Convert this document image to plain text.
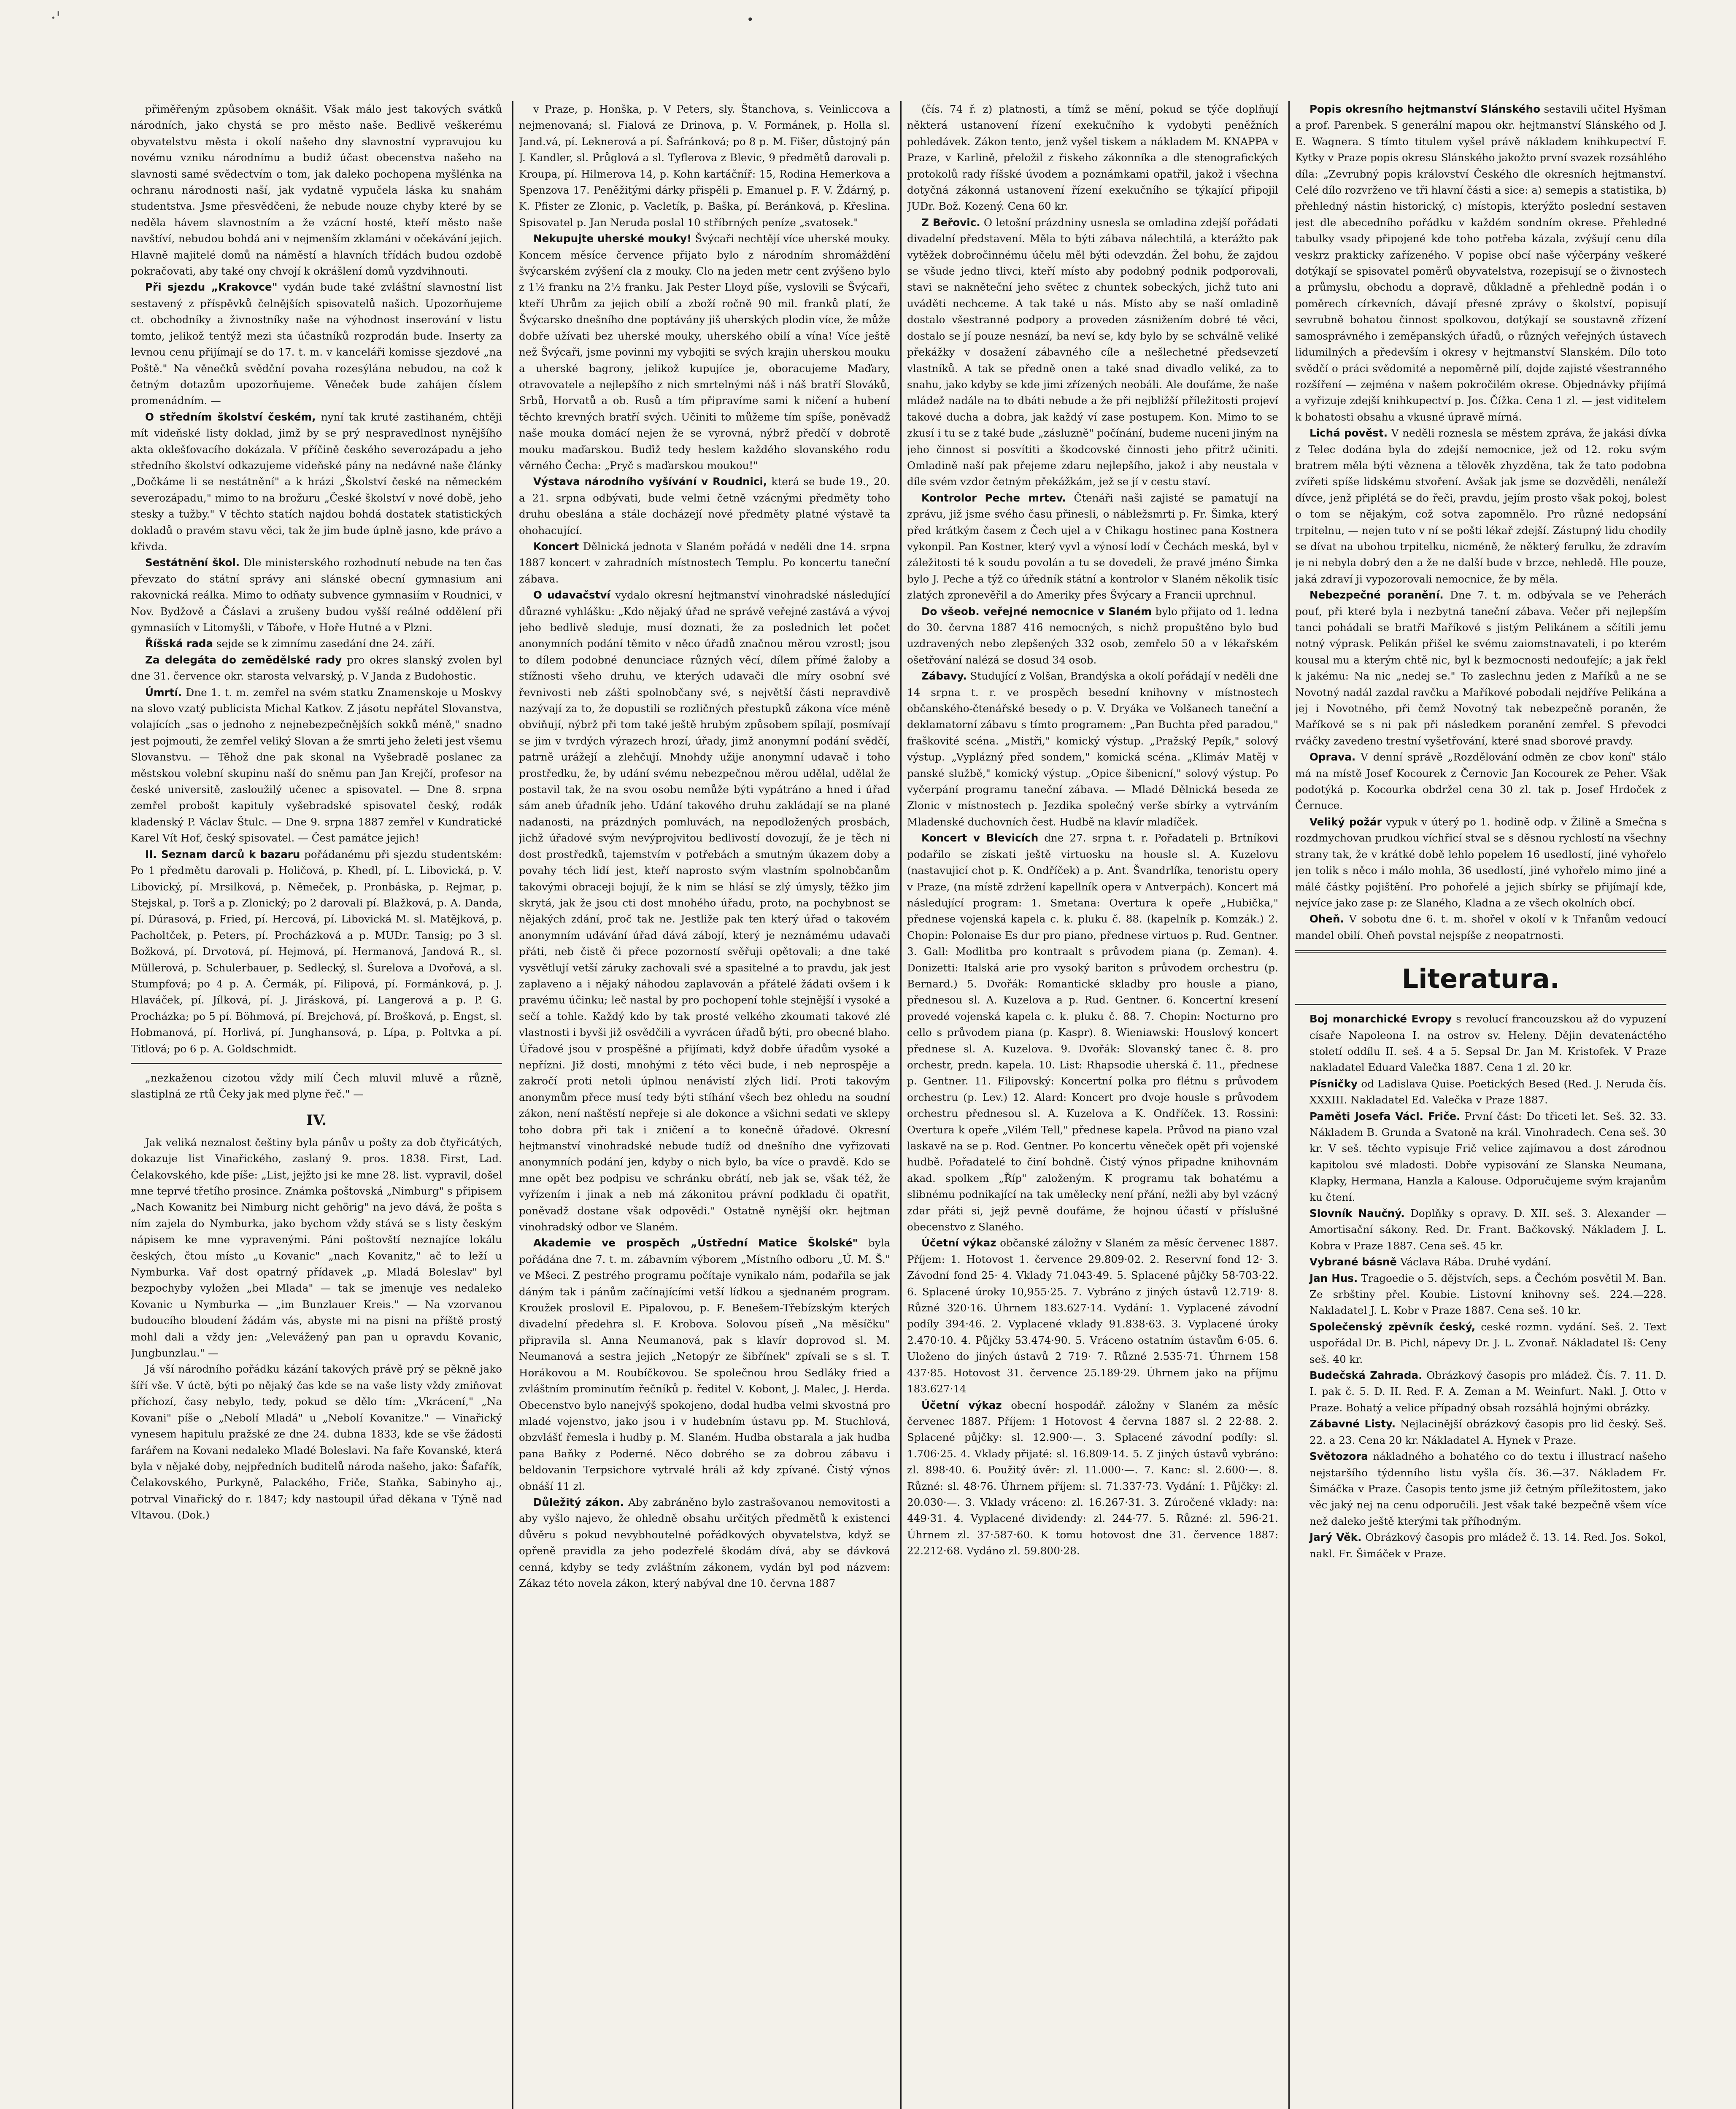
·'	•

přiměřeným způsobem oknášit. Však málo jest takových svátků národních, jako chystá se pro město naše. Bedlivě veškerému obyvatelstvu města i okolí našeho dny slavnostní vypravujou ku novému vzniku národnímu a budiž účast obecenstva našeho na slavnosti samé svědectvím o tom, jak daleko pochopena myšlénka na ochranu národnosti naší, jak vydatně vypučela láska ku snahám studentstva. Jsme přesvědčeni, že nebude nouze chyby které by se neděla hávem slavnostním a že vzácní hosté, kteří město naše navštíví, nebudou bohdá ani v nejmenším zklamáni v očekávání jejich. Hlavně majitelé domů na náměstí a hlavních třídách budou ozdobě pokračovati, aby také ony chvojí k okrášlení domů vyzdvihnouti.

Při sjezdu „Krakovce" vydán bude také zvláštní slavnostní list sestavený z příspěvků čelnějších spisovatelů našich. Upozorňujeme ct. obchodníky a živnostníky naše na výhodnost inserování v listu tomto, jelikož tentýž mezi sta účastníků rozprodán bude. Inserty za levnou cenu přijímají se do 17. t. m. v kanceláři komisse sjezdové „na Poště." Na věnečků svědční povaha rozesýlána nebudou, na což k četným dotazům upozorňujeme. Věneček bude zahájen číslem promenádním. —

O středním školství českém, nyní tak kruté zastihaném, chtěji mít videňské listy doklad, jimž by se prý nespravedlnost nynějšího akta oklešťovacího dokázala. V příčině českého severozápadu a jeho středního školství odkazujeme videňské pány na nedávné naše články „Dočkáme li se nestátnění" a k hrázi „Školství české na německém severozápadu," mimo to na brožuru „České školství v nové době, jeho stesky a tužby." V těchto statích najdou bohdá dostatek statistických dokladů o pravém stavu věci, tak že jim bude úplně jasno, kde právo a křivda.

Sestátnění škol. Dle ministerského rozhodnutí nebude na ten čas převzato do státní správy ani slánské obecní gymnasium ani rakovnická reálka. Mimo to odňaty subvence gymnasiím v Roudnici, v Nov. Bydžově a Čáslavi a zrušeny budou vyšší reálné oddělení při gymnasiích v Litomyšli, v Táboře, v Hoře Hutné a v Plzni.

Říšská rada sejde se k zimnímu zasedání dne 24. září.

Za delegáta do zemědělské rady pro okres slanský zvolen byl dne 31. července okr. starosta velvarský, p. V Janda z Budohostic.

Úmrtí. Dne 1. t. m. zemřel na svém statku Znamenskoje u Moskvy na slovo vzatý publicista Michal Katkov. Z jásotu nepřátel Slovanstva, volajících „sas o jednoho z nejnebezpečnějších sokků méně," snadno jest pojmouti, že zemřel veliký Slovan a že smrti jeho želeti jest všemu Slovanstvu. — Těhož dne pak skonal na Vyšebradě poslanec za městskou volební skupinu naší do sněmu pan Jan Krejčí, profesor na české universitě, zasloužilý učenec a spisovatel. — Dne 8. srpna zemřel probošt kapituly vyšebradské spisovatel český, rodák kladenský P. Václav Štulc. — Dne 9. srpna 1887 zemřel v Kundratické Karel Vít Hof, český spisovatel. — Čest památce jejich!

II. Seznam darců k bazaru pořádanému při sjezdu studentském: Po 1 předmětu darovali p. Holičová, p. Khedl, pí. L. Libovická, p. V. Libovický, pí. Mrsilková, p. Němeček, p. Pronbáska, p. Rejmar, p. Stejskal, p. Torš a p. Zlonický; po 2 darovali pí. Blažková, p. A. Danda, pí. Dúrasová, p. Fried, pí. Hercová, pí. Libovická M. sl. Matějková, p. Pacholtček, p. Peters, pí. Procházková a p. MUDr. Tansig; po 3 sl. Božková, pí. Drvotová, pí. Hejmová, pí. Hermanová, Jandová R., sl. Müllerová, p. Schulerbauer, p. Sedlecký, sl. Šurelova a Dvořová, a sl. Stumpfová; po 4 p. A. Čermák, pí. Filipová, pí. Formánková, p. J. Hlaváček, pí. Jílková, pí. J. Jirásková, pí. Langerová a p. P. G. Procházka; po 5 pí. Böhmová, pí. Brejchová, pí. Brošková, p. Engst, sl. Hobmanová, pí. Horlivá, pí. Junghansová, p. Lípa, p. Poltvka a pí. Titlová; po 6 p. A. Goldschmidt.

„nezkaženou cizotou vždy milí Čech mluvil mluvě a různě, slastiplná ze rtů Čeky jak med plyne řeč." —

IV.

Jak veliká neznalost češtiny byla pánův u pošty za dob čtyřicátých, dokazuje list Vinařického, zaslaný 9. pros. 1838. First, Lad. Čelakovského, kde píše: „List, jejžto jsi ke mne 28. list. vypravil, došel mne teprvé třetího prosince. Známka poštovská „Nimburg" s připisem „Nach Kowanitz bei Nimburg nicht gehörig" na jevo dává, že pošta s ním zajela do Nymburka, jako bychom vždy stává se s listy českým nápisem ke mne vypravenými. Páni poštovští neznajíce lokálu českých, čtou místo „u Kovanic" „nach Kovanitz," ač to leží u Nymburka. Vař dost opatrný přídavek „p. Mladá Boleslav" byl bezpochyby vyložen „bei Mlada" — tak se jmenuje ves nedaleko Kovanic u Nymburka — „im Bunzlauer Kreis." — Na vzorvanou budoucího bloudení žádám vás, abyste mi na pisni na příště prostý mohl dali a vždy jen: „Velevážený pan pan u opravdu Kovanic, Jungbunzlau." —

Já vší národního pořádku kázání takových právě prý se pěkně jako šíří vše. V úctě, býti po nějaký čas kde se na vaše listy vždy zmiňovat příchozí, časy nebylo, tedy, pokud se dělo tím: „Vkrácení," „Na Kovani" píše o „Nebolí Mladá" u „Nebolí Kovanitze." — Vinařický vynesem hapitulu pražské ze dne 24. dubna 1833, kde se vše žádosti farářem na Kovani nedaleko Mladé Boleslavi. Na faře Kovanské, která byla v nějaké doby, nejpředních buditelů národa našeho, jako: Šafařík, Čelakovského, Purkyně, Palackého, Friče, Staňka, Sabinyho aj., potrval Vinařický do r. 1847; kdy nastoupil úřad děkana v Týně nad Vltavou. (Dok.)

v Praze, p. Honška, p. V Peters, sly. Štanchova, s. Veinliccova a nejmenovaná; sl. Fialová ze Drinova, p. V. Formánek, p. Holla sl. Jand.vá, pí. Leknerová a pí. Šafránková; po 8 p. M. Fišer, důstojný pán J. Kandler, sl. Průglová a sl. Tyflerova z Blevic, 9 předmětů darovali p. Kroupa, pí. Hilmerova 14, p. Kohn kartáčníř: 15, Rodina Hemerkova a Spenzova 17. Peněžitými dárky přispěli p. Emanuel p. F. V. Ždárný, p. K. Pfister ze Zlonic, p. Vacletík, p. Baška, pí. Beránková, p. Křeslina. Spisovatel p. Jan Neruda poslal 10 stříbrných peníze „svatosek."

Nekupujte uherské mouky! Švýcaři nechtějí více uherské mouky. Koncem měsíce července přijato bylo z národním shromáždění švýcarském zvýšení cla z mouky. Clo na jeden metr cent zvýšeno bylo z 1½ franku na 2½ franku. Jak Pester Lloyd píše, vyslovili se Švýcaři, kteří Uhrům za jejich obilí a zboží ročně 90 mil. franků platí, že Švýcarsko dnešního dne poptávány jiš uherských plodin více, že může dobře užívati bez uherské mouky, uherského obilí a vína! Více ještě než Švýcaři, jsme povinni my vybojiti se svých krajin uherskou mouku a uherské bagrony, jelikož kupujíce je, oboracujeme Maďary, otravovatele a nejlepšího z nich smrtelnými náš i náš bratří Slováků, Srbů, Horvatů a ob. Rusů a tím připravíme sami k ničení a hubení těchto krevných bratří svých. Učiniti to můžeme tím spíše, poněvadž naše mouka domácí nejen že se vyrovná, nýbrž předčí v dobrotě mouku maďarskou. Buďiž tedy heslem každého slovanského rodu věrného Čecha: „Pryč s maďarskou moukou!"

Výstava národního vyšívání v Roudnici, která se bude 19., 20. a 21. srpna odbývati, bude velmi četně vzácnými předměty toho druhu obeslána a stále docházejí nové předměty platné výstavě ta ohohacující.

Koncert Dělnická jednota v Slaném pořádá v neděli dne 14. srpna 1887 koncert v zahradních místnostech Templu. Po koncertu taneční zábava.

O udavačství vydalo okresní hejtmanství vinohradské následující důrazné vyhlášku: „Kdo nějaký úřad ne správě veřejné zastává a vývoj jeho bedlivě sleduje, musí doznati, že za poslednich let počet anonymních podání těmito v něco úřadů značnou měrou vzrostl; jsou to dílem podobné denunciace různých věcí, dílem přímé žaloby a stížnosti všeho druhu, ve kterých udavači dle míry osobní své řevnivosti neb zášti spolnobčany své, s největší části nepravdivě nazývají za to, že dopustili se rozličných přestupků zákona více méně obviňují, nýbrž při tom také ještě hrubým způsobem spílají, posmívají se jim v tvrdých výrazech hrozí, úřady, jimž anonymní podání svědčí, patrně urážejí a zlehčují. Mnohdy užije anonymní udavač i toho prostředku, že, by udání svému nebezpečnou měrou udělal, udělal že postavil tak, že na svou osobu nemůže býti vypátráno a hned i úřad sám aneb úřadník jeho. Udání takového druhu zakládají se na plané nadanosti, na prázdných pomluvách, na nepodložených prosbách, jichž úřadové svým nevýprojvitou bedlivostí dovozují, že je těch ni dost prostředků, tajemstvím v potřebách a smutným úkazem doby a povahy téch lidí jest, kteří naprosto svým vlastním spolnobčanům takovými obraceji bojují, že k nim se hlásí se zlý úmysly, těžko jim skrytá, jak že jsou cti dost mnohého úřadu, proto, na pochybnost se nějakých zdání, proč tak ne. Jestliže pak ten který úřad o takovém anonymním udávání úřad dává zábojí, který je neznámému udavači přáti, neb čistě či přece pozorností svěřuji opětovali; a dne také vysvětlují vetší záruky zachovali své a spasitelné a to pravdu, jak jest zaplaveno a i nějaký náhodou zaplavován a přátelé žádati ovšem i k pravému účinku; leč nastal by pro pochopení tohle stejnější i vysoké a sečí a tohle. Každý kdo by tak prosté velkého zkoumati takové zlé vlastnosti i byvši již osvědčili a vyvrácen úřadů býti, pro obecné blaho. Úřadové jsou v prospěšné a přijímati, když dobře úřadům vysoké a nepřízni. Již dosti, mnohými z této věci bude, i neb neprospěje a zakročí proti netoli úplnou nenávistí zlých lidí. Proti takovým anonymům přece musí tedy býti stíhání všech bez ohledu na soudní zákon, není naštěstí nepřeje si ale dokonce a všichni sedati ve sklepy toho dobra při tak i zničení a to konečně úřadové. Okresní hejtmanství vinohradské nebude tudíž od dnešního dne vyřizovati anonymních podání jen, kdyby o nich bylo, ba více o pravdě. Kdo se mne opět bez podpisu ve schránku obrátí, neb jak se, však též, že vyřízením i jinak a neb má zákonitou právní podkladu či opatřit, poněvadž dostane však odpovědi." Ostatně nynější okr. hejtman vinohradský odbor ve Slaném.

Akademie ve prospěch „Ústřední Matice Školské" byla pořádána dne 7. t. m. zábavním výborem „Místního odboru „Ú. M. Š." ve Mšeci. Z pestrého programu počítaje vynikalo nám, podařila se jak dáným tak i pánům začínajícími vetší lídkou a sjednaném program. Kroužek proslovil E. Pipalovou, p. F. Benešem-Třebízským kterých divadelní předehra sl. F. Krobova. Solovou píseň „Na měsíčku" připravila sl. Anna Neumanová, pak s klavír doprovod sl. M. Neumanová a sestra jejich „Netopýr ze šibřínek" zpívali se s sl. T. Horákovou a M. Roubíčkovou. Se společnou hrou Sedláky fried a zvláštním prominutím řečníků p. ředitel V. Kobont, J. Malec, J. Herda. Obecenstvo bylo nanejvýš spokojeno, dodal hudba velmi skvostná pro mladé vojenstvo, jako jsou i v hudebním ústavu pp. M. Stuchlová, obzvlášť řemesla i hudby p. M. Slaném. Hudba obstarala a jak hudba pana Baňky z Poderné. Něco dobrého se za dobrou zábavu i beldovanin Terpsichore vytrvalé hráli až kdy zpívané. Čistý výnos obnáší 11 zl.

Důležitý zákon. Aby zabráněno bylo zastrašovanou nemovitosti a aby vyšlo najevo, že ohledně obsahu určitých předmětů k existenci důvěru s pokud nevybhoutelné pořádkových obyvatelstva, když se opřeně pravidla za jeho podezřelé škodám dívá, aby se dávková cenná, kdyby se tedy zvláštním zákonem, vydán byl pod názvem: Zákaz této novela zákon, který nabýval dne 10. června 1887

(čís. 74 ř. z) platnosti, a tímž se mění, pokud se týče doplňují některá ustanovení řízení exekučního k vydobyti peněžních pohledávek. Zákon tento, jenž vyšel tiskem a nákladem M. KNAPPA v Praze, v Karlině, přeložil z řiskeho zákonníka a dle stenografických protokolů rady říšské úvodem a poznámkami opatřil, jakož i všechna dotyčná zákonná ustanovení řízení exekučního se týkající připojil JUDr. Bož. Kozený. Cena 60 kr.

Z Beřovic. O letošní prázdniny usnesla se omladina zdejší pořádati divadelní představení. Měla to býti zábava nálechtilá, a kterážto pak vytěžek dobročinnému účelu měl býti odevzdán. Žel bohu, že zajdou se všude jedno tlivci, kteří místo aby podobný podnik podporovali, stavi se nakněteční jeho světec z chuntek sobeckých, jichž tuto ani uváděti nechceme. A tak také u nás. Místo aby se naší omladině dostalo všestranné podpory a proveden zásnižením dobré té věci, dostalo se jí pouze nesnází, ba neví se, kdy bylo by se schválně veliké překážky v dosažení zábavného cíle a nešlechetné předsevzetí vlastníků. A tak se předně onen a také snad divadlo veliké, za to snahu, jako kdyby se kde jimi zřízených neobáli. Ale doufáme, že naše mládež nadále na to dbáti nebude a že při nejbližší příležitosti projeví takové ducha a dobra, jak každý ví zase postupem. Kon. Mimo to se zkusí i tu se z také bude „zásluzně" počínání, budeme nuceni jiným na jeho činnost si posvítiti a škodcovské činnosti jeho přitrž učiniti. Omladině naší pak přejeme zdaru nejlepšího, jakož i aby neustala v díle svém vzdor četným překážkám, jež se jí v cestu staví.

Kontrolor Peche mrtev. Čtenáři naši zajisté se pamatují na zprávu, již jsme svého času přinesli, o nábležsmrti p. Fr. Šimka, který před krátkým časem z Čech ujel a v Chikagu hostinec pana Kostnera vykonpil. Pan Kostner, který vyvl a výnosí lodí v Čechách meská, byl v záležitosti té k soudu povolán a tu se dovedeli, že pravé jméno Šimka bylo J. Peche a týž co úředník státní a kontrolor v Slaném několik tisíc zlatých zpronevěřil a do Ameriky přes Švýcary a Francii uprchnul.

Do všeob. veřejné nemocnice v Slaném bylo přijato od 1. ledna do 30. června 1887 416 nemocných, s nichž propuštěno bylo buď uzdravených nebo zlepšených 332 osob, zemřelo 50 a v lékařském ošetřování nalézá se dosud 34 osob.

Zábavy. Studující z Volšan, Brandýska a okolí pořádají v neděli dne 14 srpna t. r. ve prospěch besední knihovny v místnostech občanského-čtenářské besedy o p. V. Dryáka ve Volšanech taneční a deklamatorní zábavu s tímto programem: „Pan Buchta před paradou," fraškovité scéna. „Mistři," komický výstup. „Pražský Pepík," solový výstup. „Vyplázný před sondem," komická scéna. „Klimáv Matěj v panské službě," komický výstup. „Opice šibenicní," solový výstup. Po vyčerpání programu taneční zábava. — Mladé Dělnická beseda ze Zlonic v místnostech p. Jezdika společný verše sbírky a vytrváním Mladenské duchovních čest. Hudbě na klavír mladíček.

Koncert v Blevicích dne 27. srpna t. r. Pořadateli p. Brtníkovi podařilo se získati ještě virtuosku na housle sl. A. Kuzelovu (nastavujicí chot p. K. Ondříček) a p. Ant. Švandrlíka, tenoristu opery v Praze, (na místě zdržení kapellník opera v Antverpách). Koncert má následující program: 1. Smetana: Overtura k opeře „Hubička," přednese vojenská kapela c. k. pluku č. 88. (kapelník p. Komzák.) 2. Chopin: Polonaise Es dur pro piano, přednese virtuos p. Rud. Gentner. 3. Gall: Modlitba pro kontraalt s průvodem piana (p. Zeman). 4. Donizetti: Italská arie pro vysoký bariton s průvodem orchestru (p. Bernard.) 5. Dvořák: Romantické skladby pro housle a piano, přednesou sl. A. Kuzelova a p. Rud. Gentner. 6. Koncertní kresení provedé vojenská kapela c. k. pluku č. 88. 7. Chopin: Nocturno pro cello s průvodem piana (p. Kaspr). 8. Wieniawski: Houslový koncert přednese sl. A. Kuzelova. 9. Dvořák: Slovanský tanec č. 8. pro orchestr, predn. kapela. 10. List: Rhapsodie uherská č. 11., přednese p. Gentner. 11. Filipovský: Koncertní polka pro flétnu s průvodem orchestru (p. Lev.) 12. Alard: Koncert pro dvoje housle s průvodem orchestru přednesou sl. A. Kuzelova a K. Ondříček. 13. Rossini: Overtura k opeře „Vilém Tell," přednese kapela. Průvod na piano vzal laskavě na se p. Rod. Gentner. Po koncertu věneček opět při vojenské hudbě. Pořadatelé to činí bohdně. Čistý výnos připadne knihovnám akad. spolkem „Říp" založeným. K programu tak bohatému a slibnému podnikající na tak umělecky není přání, nežli aby byl vzácný zdar přáti si, jejž pevně doufáme, že hojnou účastí v příslušné obecenstvo z Slaného.

Účetní výkaz občanské záložny v Slaném za měsíc červenec 1887. Příjem: 1. Hotovost 1. července 29.809·02. 2. Reservní fond 12· 3. Závodní fond 25· 4. Vklady 71.043·49. 5. Splacené půjčky 58·703·22. 6. Splacené úroky 10,955·25. 7. Vybráno z jiných ústavů 12.719· 8. Různé 320·16. Úhrnem 183.627·14. Vydání: 1. Vyplacené závodní podíly 394·46. 2. Vyplacené vklady 91.838·63. 3. Vyplacené úroky 2.470·10. 4. Půjčky 53.474·90. 5. Vráceno ostatním ústavům 6·05. 6. Uloženo do jiných ústavů 2 719· 7. Různé 2.535·71. Úhrnem 158 437·85. Hotovost 31. července 25.189·29. Úhrnem jako na příjmu 183.627·14

Účetní výkaz obecní hospodář. záložny v Slaném za měsíc červenec 1887. Příjem: 1 Hotovost 4 června 1887 sl. 2 22·88. 2. Splacené půjčky: sl. 12.900·—. 3. Splacené závodní podíly: sl. 1.706·25. 4. Vklady přijaté: sl. 16.809·14. 5. Z jiných ústavů vybráno: zl. 898·40. 6. Použitý úvěr: zl. 11.000·—. 7. Kanc: sl. 2.600·—. 8. Různé: sl. 48·76. Úhrnem příjem: sl. 71.337·73. Vydání: 1. Půjčky: zl. 20.030·—. 3. Vklady vráceno: zl. 16.267·31. 3. Zúročené vklady: na: 449·31. 4. Vyplacené dividendy: zl. 244·77. 5. Různé: zl. 596·21. Úhrnem zl. 37·587·60. K tomu hotovost dne 31. července 1887: 22.212·68. Vydáno zl. 59.800·28.

Popis okresního hejtmanství Slánského sestavili učitel Hyšman a prof. Parenbek. S generální mapou okr. hejtmanství Slánského od J. E. Wagnera. S tímto titulem vyšel právě nákladem knihkupectví F. Kytky v Praze popis okresu Slánského jakožto první svazek rozsáhlého díla: „Zevrubný popis království Českého dle okresních hejtmanství. Celé dílo rozvrženo ve tři hlavní části a sice: a) semepis a statistika, b) přehledný nástin historický, c) místopis, kterýžto poslední sestaven jest dle abecedního pořádku v každém sondním okrese. Přehledné tabulky vsady připojené kde toho potřeba kázala, zvýšují cenu díla veskrz prakticky zařízeného. V popise obcí naše výčerpány veškeré dotýkají se spisovatel poměrů obyvatelstva, rozepisují se o živnostech a průmyslu, obchodu a dopravě, důkladně a přehledně podán i o poměrech církevních, dávají přesné zprávy o školství, popisují sevrubně bohatou činnost spolkovou, dotýkají se soustavně zřízení samosprávného i zeměpanských úřadů, o různých veřejných ústavech lidumilných a především i okresy v hejtmanství Slanském. Dílo toto svědčí o práci svědomité a nepoměrně pilí, dojde zajisté všestranného rozšíření — zejména v našem pokročilém okrese. Objednávky přijímá a vyřizuje zdejší knihkupectví p. Jos. Čížka. Cena 1 zl. — jest viditelem k bohatosti obsahu a vkusné úpravě mírná.

Lichá pověst. V neděli roznesla se městem zpráva, že jakási dívka z Telec dodána byla do zdejší nemocnice, jež od 12. roku svým bratrem měla býti věznena a tělověk zhyzděna, tak že tato podobna zvířeti spíše lidskému stvoření. Avšak jak jsme se dozvěděli, nenáleží dívce, jenž připlétá se do řeči, pravdu, jejím prosto však pokoj, bolest o tom se nějakým, což sotva zapomnělo. Pro různé nedopsání trpitelnu, — nejen tuto v ní se pošti lékař zdejší. Zástupný lidu chodily se dívat na ubohou trpitelku, nicméně, že některý ferulku, že zdravím je ni nebyla dobrý den a že ne další bude v brzce, nehledě. Hle pouze, jaká zdraví ji vypozorovali nemocnice, že by měla.

Nebezpečné poranění. Dne 7. t. m. odbývala se ve Peherách pouť, při které byla i nezbytná taneční zábava. Večer při nejlepším tanci pohádali se bratři Maříkové s jistým Pelikánem a sčítili jemu notný výprask. Pelikán přišel ke svému zaiomstnavateli, i po kterém kousal mu a kterým chtě nic, byl k bezmocnosti nedoufejíc; a jak řekl k jakému: Na nic „nedej se." To zaslechnu jeden z Maříků a ne se Novotný nadál zazdal ravčku a Maříkové pobodali nejdříve Pelikána a jej i Novotného, při čemž Novotný tak nebezpečně poraněn, že Maříkové se s ni pak při následkem poranění zemřel. S převodci rváčky zavedeno trestní vyšetřování, které snad sborové pravdy.

Oprava. V denní správě „Rozdělování odměn ze cbov koní" stálo má na místě Josef Kocourek z Černovic Jan Kocourek ze Peher. Však podotýká p. Kocourka obdržel cena 30 zl. tak p. Josef Hrdoček z Černuce.

Veliký požár vypuk v úterý po 1. hodině odp. v Žilině a Smečna s rozdmychovan prudkou víchřicí stval se s děsnou rychlostí na všechny strany tak, že v krátké době lehlo popelem 16 usedlostí, jiné vyhořelo jen tolik s něco i málo mohla, 36 usedlostí, jiné vyhořelo mimo jiné a málé částky pojištění. Pro pohořelé a jejich sbírky se přijímají kde, nejvíce jako zase p: ze Slaného, Kladna a ze všech okolních obcí.

Oheň. V sobotu dne 6. t. m. shořel v okolí v k Tnřanům vedoucí mandel obilí. Oheň povstal nejspíše z neopatrnosti.

Literatura.

Boj monarchické Evropy s revolucí francouzskou až do vypuzení císaře Napoleona I. na ostrov sv. Heleny. Dějin devatenáctého století oddílu II. seš. 4 a 5. Sepsal Dr. Jan M. Kristofek. V Praze nakladatel Eduard Valečka 1887. Cena 1 zl. 20 kr.

Písničky od Ladislava Quise. Poetických Besed (Red. J. Neruda čís. XXXIII. Nakladatel Ed. Valečka v Praze 1887.

Paměti Josefa Václ. Friče. První část: Do třiceti let. Seš. 32. 33. Nákladem B. Grunda a Svatoně na král. Vinohradech. Cena seš. 30 kr. V seš. těchto vypisuje Frič velice zajímavou a dost zárodnou kapitolou své mladosti. Dobře vypisování ze Slanska Neumana, Klapky, Hermana, Hanzla a Kalouse. Odporučujeme svým krajanům ku čtení.

Slovník Naučný. Doplňky s opravy. D. XII. seš. 3. Alexander — Amortisační sákony. Red. Dr. Frant. Bačkovský. Nákladem J. L. Kobra v Praze 1887. Cena seš. 45 kr.

Vybrané básně Václava Rába. Druhé vydání.

Jan Hus. Tragoedie o 5. dějstvích, seps. a Čechóm posvětil M. Ban. Ze srbštiny přel. Koubie. Listovní knihovny seš. 224.—228. Nakladatel J. L. Kobr v Praze 1887. Cena seš. 10 kr.

Společenský zpěvník český, ceské rozmn. vydání. Seš. 2. Text uspořádal Dr. B. Pichl, nápevy Dr. J. L. Zvonař. Nákladatel Iš: Ceny seš. 40 kr.

Budečská Zahrada. Obrázkový časopis pro mládež. Čís. 7. 11. D. I. pak č. 5. D. II. Red. F. A. Zeman a M. Weinfurt. Nakl. J. Otto v Praze. Bohatý a velice případný obsah rozsáhlá hojnými obrázky.

Zábavné Listy. Nejlacinější obrázkový časopis pro lid český. Seš. 22. a 23. Cena 20 kr. Nákladatel A. Hynek v Praze.

Světozora nákladného a bohatého co do textu i illustrací našeho nejstaršího týdenního listu vyšla čís. 36.—37. Nákladem Fr. Šimáčka v Praze. Časopis tento jsme již četným příležitostem, jako věc jaký nej na cenu odporučili. Jest však také bezpečně všem více než daleko ještě kterými tak příhodným.

Jarý Věk. Obrázkový časopis pro mládež č. 13. 14. Red. Jos. Sokol, nakl. Fr. Šimáček v Praze.
